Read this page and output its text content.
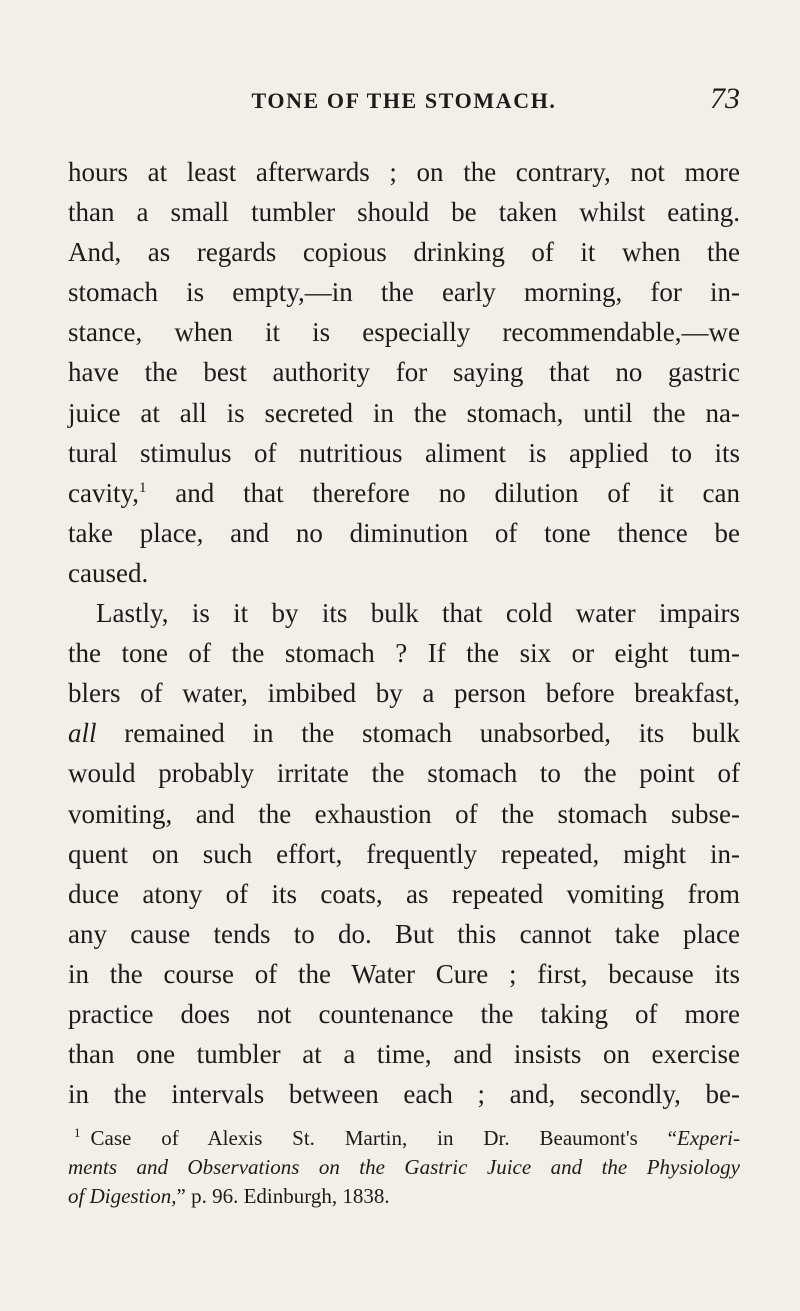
TONE OF THE STOMACH.	73

hours at least afterwards ; on the contrary, not more
than a small tumbler should be taken whilst eating.
And, as regards copious drinking of it when the
stomach is empty,—in the early morning, for in-
stance, when it is especially recommendable,—we
have the best authority for saying that no gastric
juice at all is secreted in the stomach, until the na-
tural stimulus of nutritious aliment is applied to its
cavity,$^1$ and that therefore no dilution of it can
take place, and no diminution of tone thence be
caused.

Lastly, is it by its bulk that cold water impairs
the tone of the stomach ? If the six or eight tum-
blers of water, imbibed by a person before breakfast,
all remained in the stomach unabsorbed, its bulk
would probably irritate the stomach to the point of
vomiting, and the exhaustion of the stomach subse-
quent on such effort, frequently repeated, might in-
duce atony of its coats, as repeated vomiting from
any cause tends to do. But this cannot take place
in the course of the Water Cure ; first, because its
practice does not countenance the taking of more
than one tumbler at a time, and insists on exercise
in the intervals between each ; and, secondly, be-

$^1$ Case of Alexis St. Martin, in Dr. Beaumont's “Experi-
ments and Observations on the Gastric Juice and the Physiology
of Digestion,” p. 96. Edinburgh, 1838.
